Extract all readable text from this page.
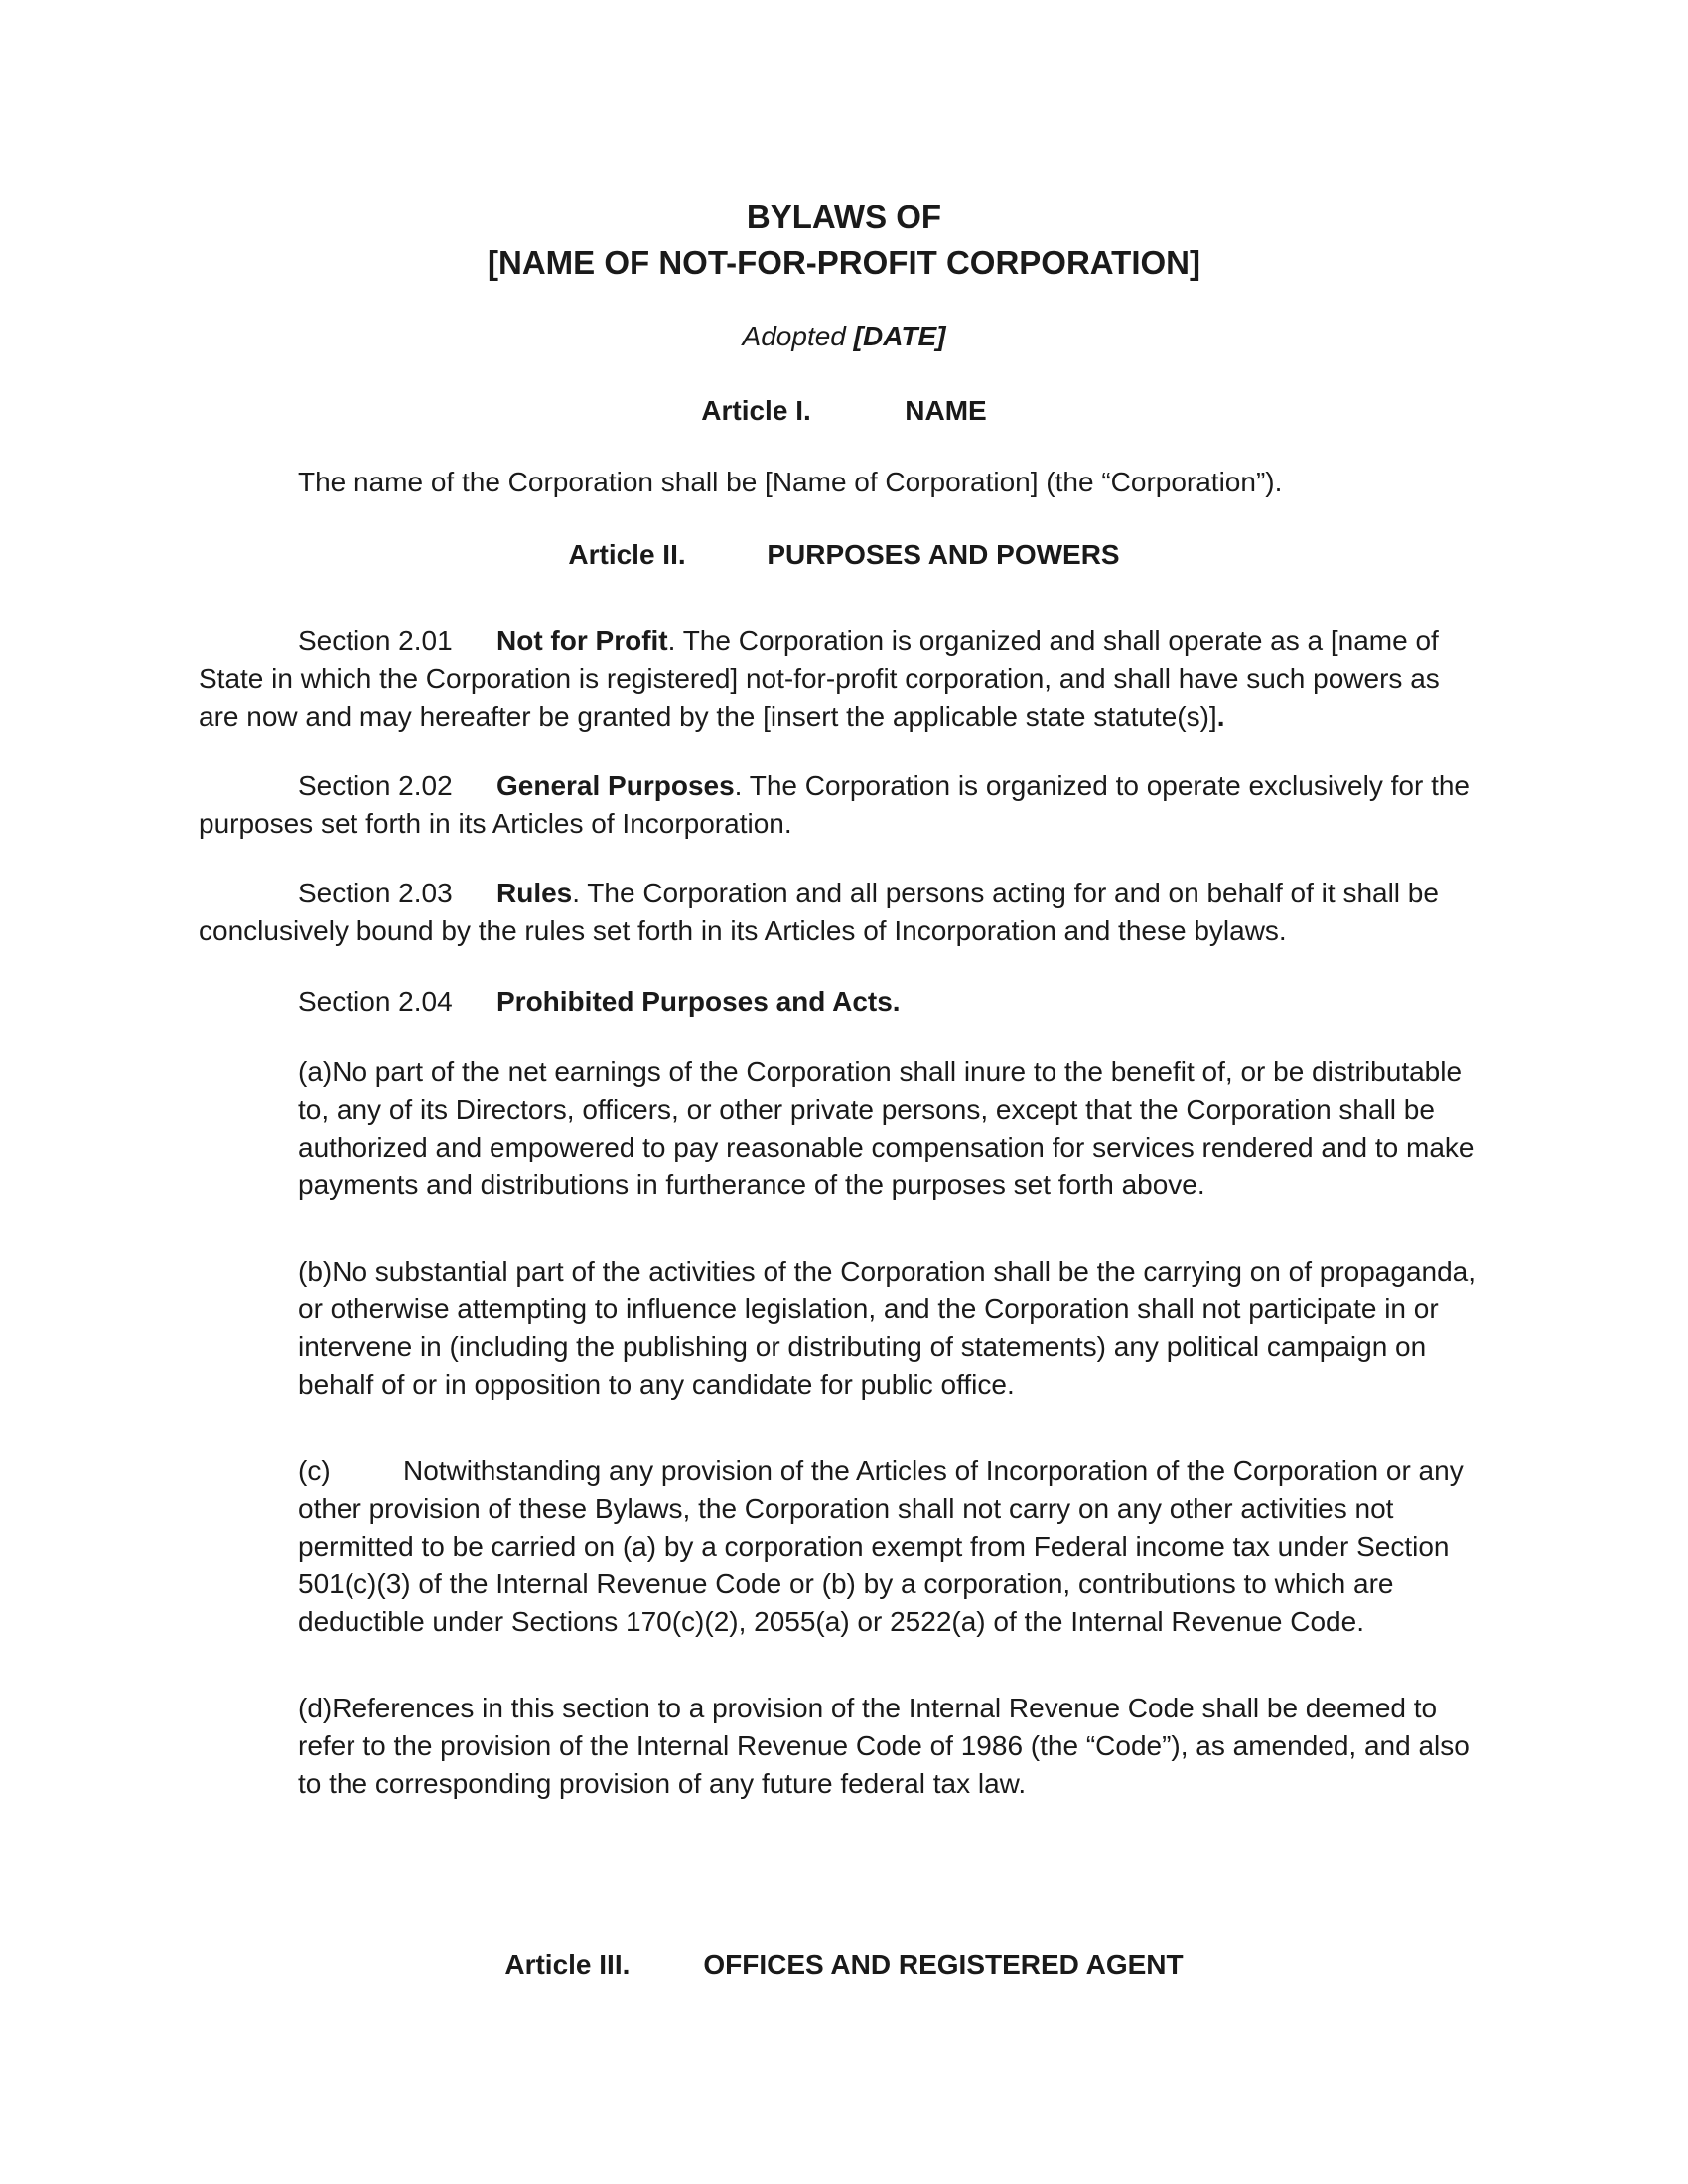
BYLAWS OF
[NAME OF NOT-FOR-PROFIT CORPORATION]
Adopted [DATE]
Article I.	NAME
The name of the Corporation shall be [Name of Corporation] (the “Corporation”).
Article II.	PURPOSES AND POWERS
Section 2.01 Not for Profit. The Corporation is organized and shall operate as a [name of
State in which the Corporation is registered] not-for-profit corporation, and shall have such powers as
are now and may hereafter be granted by the [insert the applicable state statute(s)].
Section 2.02 General Purposes. The Corporation is organized to operate exclusively for the
purposes set forth in its Articles of Incorporation.
Section 2.03 Rules. The Corporation and all persons acting for and on behalf of it shall be
conclusively bound by the rules set forth in its Articles of Incorporation and these bylaws.
Section 2.04 Prohibited Purposes and Acts.
(a)No part of the net earnings of the Corporation shall inure to the benefit of, or be distributable
to, any of its Directors, officers, or other private persons, except that the Corporation shall be
authorized and empowered to pay reasonable compensation for services rendered and to make
payments and distributions in furtherance of the purposes set forth above.
(b)No substantial part of the activities of the Corporation shall be the carrying on of propaganda,
or otherwise attempting to influence legislation, and the Corporation shall not participate in or
intervene in (including the publishing or distributing of statements) any political campaign on
behalf of or in opposition to any candidate for public office.
(c)	Notwithstanding any provision of the Articles of Incorporation of the Corporation or any
other provision of these Bylaws, the Corporation shall not carry on any other activities not
permitted to be carried on (a) by a corporation exempt from Federal income tax under Section
501(c)(3) of the Internal Revenue Code or (b) by a corporation, contributions to which are
deductible under Sections 170(c)(2), 2055(a) or 2522(a) of the Internal Revenue Code.
(d)References in this section to a provision of the Internal Revenue Code shall be deemed to
refer to the provision of the Internal Revenue Code of 1986 (the “Code”), as amended, and also
to the corresponding provision of any future federal tax law.
Article III.	OFFICES AND REGISTERED AGENT
